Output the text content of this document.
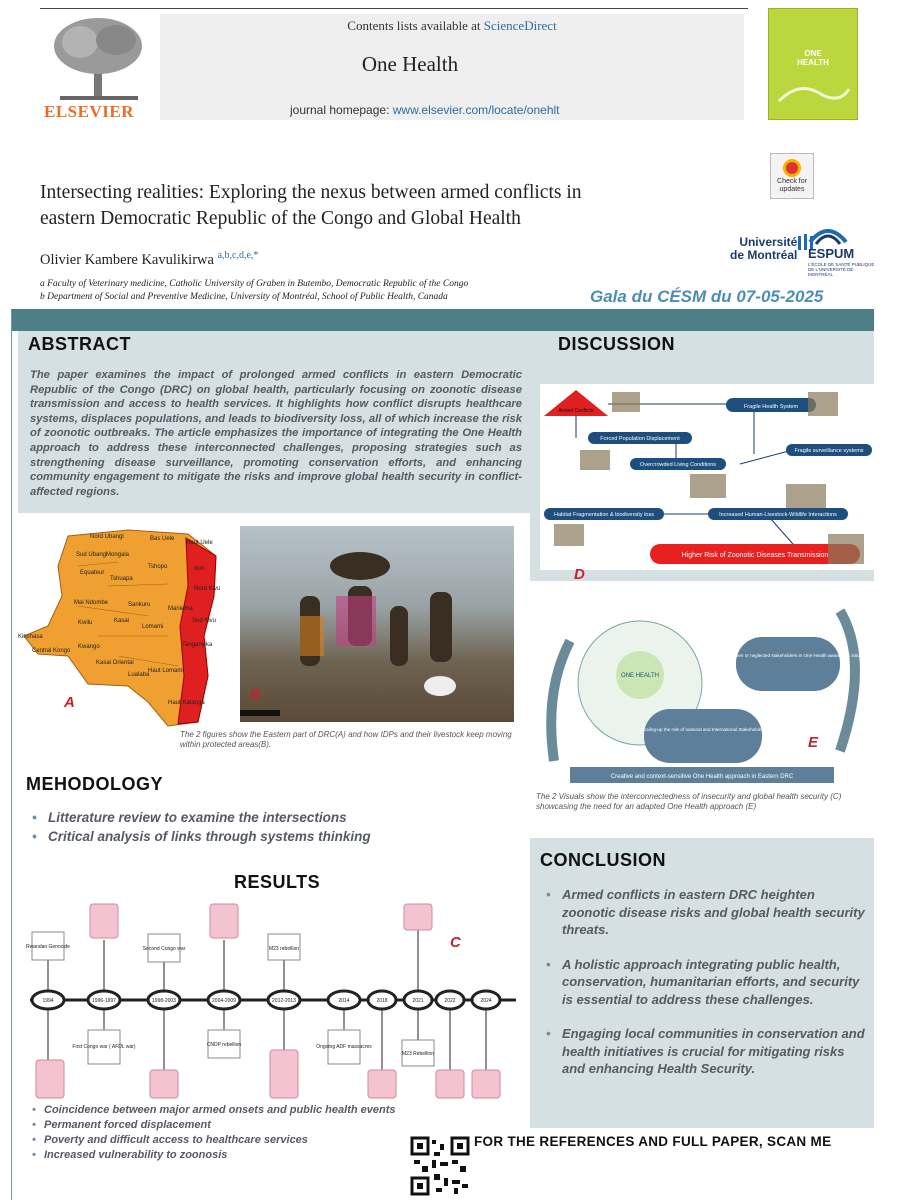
ELSEVIER
Contents lists available at ScienceDirect
One Health
journal homepage: www.elsevier.com/locate/onehlt
ONE HEALTH
Intersecting realities: Exploring the nexus between armed conflicts in
eastern Democratic Republic of the Congo and Global Health
Olivier Kambere Kavulikirwa $^{a,b,c,d,e,*}$
a Faculty of Veterinary medicine, Catholic University of Graben in Butembo, Democratic Republic of the Congo
b Department of Social and Preventive Medicine, University of Montréal, School of Public Health, Canada
Check for updates
Université
de Montréal ESPUM
L'ÉCOLE DE SANTÉ PUBLIQUE DE L'UNIVERSITÉ DE MONTRÉAL
Gala du CÉSM du 07-05-2025
ABSTRACT
The paper examines the impact of prolonged armed conflicts in eastern Democratic Republic of the Congo (DRC) on global health, particularly focusing on zoonotic disease transmission and access to health services. It highlights how conflict disrupts healthcare systems, displaces populations, and leads to biodiversity loss, all of which increase the risk of zoonotic outbreaks. The article emphasizes the importance of integrating the One Health approach to address these interconnected challenges, proposing strategies such as strengthening disease surveillance, promoting conservation efforts, and enhancing community engagement to mitigate the risks and improve global health security in conflict-affected regions.
Bas Uele
Haut Uele
Nord Ubangi
Sud Ubangi
Mongala
Tshopo
Equateur
Tshuapa
Mai Ndombe	Sankuru
Maniema
Kinshasa
Kwilu	Kasai
Central Kongo
Kwango
Lomami
Kasai Oriental
Lualaba
Haut Katanga
Tanganyika
Haut Lomami
Ituri
Nord Kivu
Sud Kivu
A	B
The 2 figures show the Eastern part of DRC(A) and how IDPs and their livestock keep moving within protected areas(B).
MEHODOLOGY
• Litterature review to examine the intersections
• Critical analysis of links through systems thinking
RESULTS
C
1994	1996-1997	1998-2003	2004-2009	2012-2013	2014	2018	2021	2022	2024
Rwandan Genocide	Second Congo war	M23 rebellion
First Congo war ( AFDL war)	CNDP rebellion	Ongoing ADF massacres
M23 Rebellion
• Coincidence between major armed onsets and public health events
• Permanent forced displacement
• Poverty and difficult access to healthcare services
• Increased vulnerability to zoonosis
DISCUSSION
Armed Conflicts
Forced Population Displacement
Fragile Health System
Overcrowded Living Conditions
Fragile surveillance systems
Habitat Fragmentation & biodiversity loss	Increased Human-Livestock-Wildlife Interactions
Higher Risk of Zoonotic Diseases Transmission
D
Creative and context-sensitive One Health approach in Eastern DRC
Including forgotten or neglected stakeholders in One Health awareness initiatives
Scaling-up the role of national and International Stakeholders
ONE HEALTH
E
The 2 Visuals show the interconnectedness of insecurity and global health security (C) showcasing the need for an adapted One Health approach (E)
CONCLUSION
• Armed conflicts in eastern DRC heighten zoonotic disease risks and global health security threats.
• A holistic approach integrating public health, conservation, humanitarian efforts, and security is essential to address these challenges.
• Engaging local communities in conservation and health initiatives is crucial for mitigating risks and enhancing Health Security.
FOR THE REFERENCES AND FULL PAPER, SCAN ME
